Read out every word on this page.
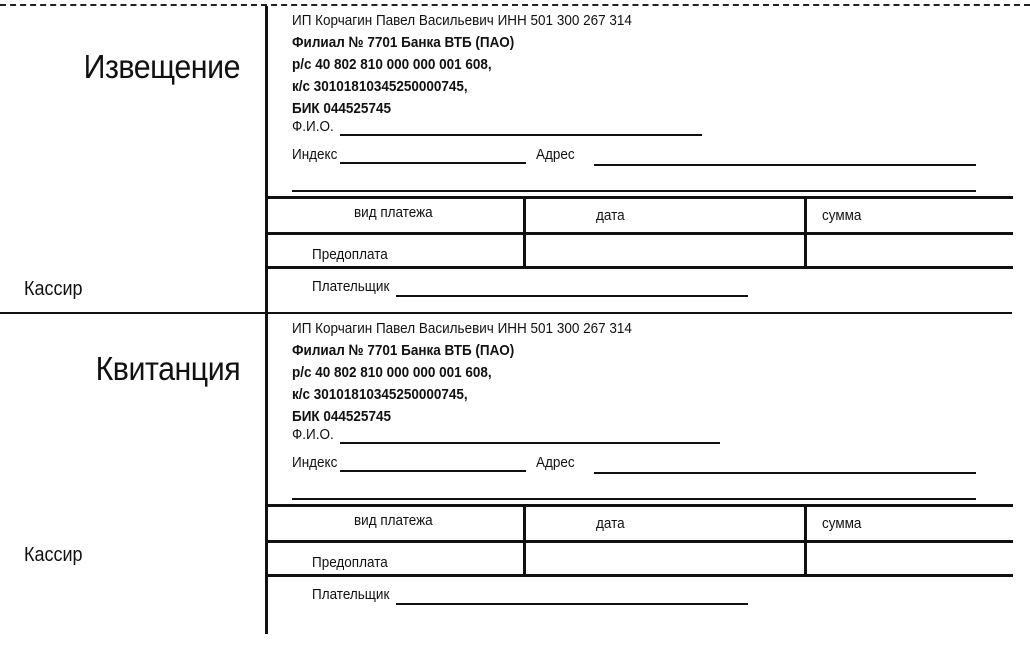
Извещение
Кассир
ИП Корчагин Павел Васильевич ИНН 501 300 267 314
Филиал № 7701 Банка ВТБ (ПАО)
р/с 40 802 810 000 000 001 608,
к/с 30101810345250000745,
БИК 044525745
Ф.И.О.
Индекс	Адрес
вид платежа	дата	сумма
Предоплата
Плательщик
Квитанция
Кассир
ИП Корчагин Павел Васильевич ИНН 501 300 267 314
Филиал № 7701 Банка ВТБ (ПАО)
р/с 40 802 810 000 000 001 608,
к/с 30101810345250000745,
БИК 044525745
Ф.И.О.
Индекс	Адрес
вид платежа	дата	сумма
Предоплата
Плательщик
